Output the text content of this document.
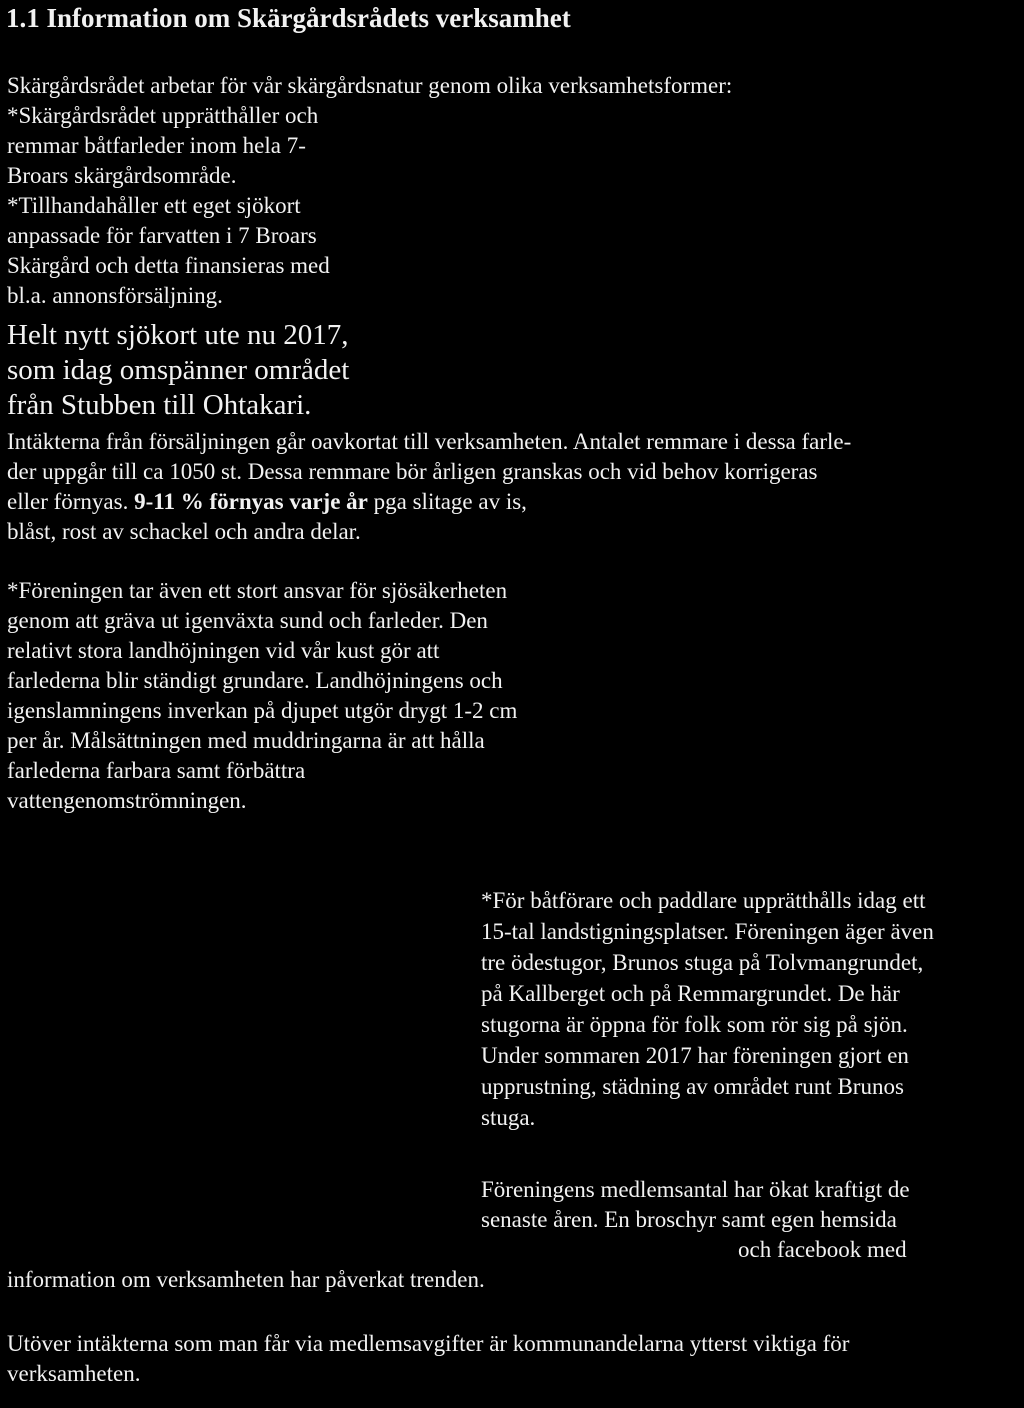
1.1 Information om Skärgårdsrådets verksamhet
Skärgårdsrådet arbetar för vår skärgårdsnatur genom olika verksamhetsformer:
*Skärgårdsrådet upprätthåller och
remmar båtfarleder inom hela 7-
Broars skärgårdsområde.
*Tillhandahåller ett eget sjökort
anpassade för farvatten i 7 Broars
Skärgård och detta finansieras med
bl.a. annonsförsäljning.
Helt nytt sjökort ute nu 2017,
som idag omspänner området
från Stubben till Ohtakari.
Intäkterna från försäljningen går oavkortat till verksamheten. Antalet remmare i dessa farle-
der uppgår till ca 1050 st. Dessa remmare bör årligen granskas och vid behov korrigeras
eller förnyas. 9-11 % förnyas varje år pga slitage av is,
blåst, rost av schackel och andra delar.
*Föreningen tar även ett stort ansvar för sjösäkerheten
genom att gräva ut igenväxta sund och farleder. Den
relativt stora landhöjningen vid vår kust gör att
farlederna blir ständigt grundare. Landhöjningens och
igenslamningens inverkan på djupet utgör drygt 1-2 cm
per år. Målsättningen med muddringarna är att hålla
farlederna farbara samt förbättra
vattengenomströmningen.
*För båtförare och paddlare upprätthålls idag ett
15-tal landstigningsplatser. Föreningen äger även
tre ödestugor, Brunos stuga på Tolvmangrundet,
på Kallberget och på Remmargrundet. De här
stugorna är öppna för folk som rör sig på sjön.
Under sommaren 2017 har föreningen gjort en
upprustning, städning av området runt Brunos
stuga.
Föreningens medlemsantal har ökat kraftigt de
senaste åren. En broschyr samt egen hemsida
och facebook med
information om verksamheten har påverkat trenden.
Utöver intäkterna som man får via medlemsavgifter är kommunandelarna ytterst viktiga för
verksamheten.
